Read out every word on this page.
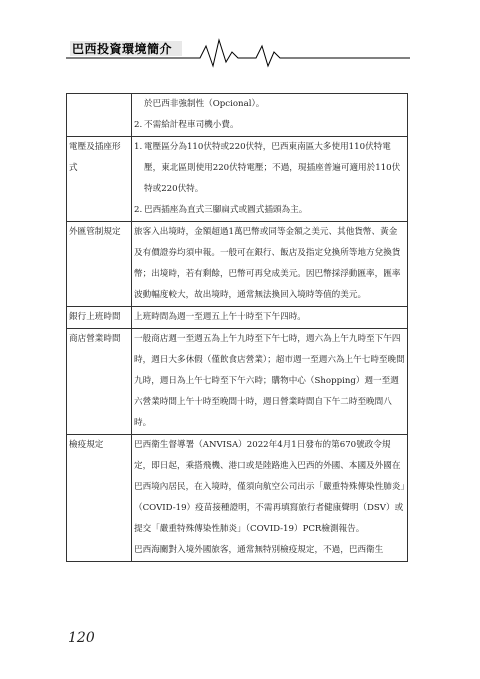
巴西投資環境簡介

	於巴西非強制性（Opcional）。
2. 不需給計程車司機小費。

電壓及插座形式	1. 電壓區分為110伏特或220伏特，巴西東南區大多使用110伏特電壓，東北區則使用220伏特電壓；不過，現插座普遍可適用於110伏特或220伏特。
2. 巴西插座為直式三腳扁式或圓式插頭為主。

外匯管制規定	旅客入出境時，金額超過1萬巴幣或同等金額之美元、其他貨幣、黃金及有價證券均須申報。一般可在銀行、飯店及指定兌換所等地方兌換貨幣；出境時，若有剩餘，巴幣可再兌成美元。因巴幣採浮動匯率，匯率波動幅度較大，故出境時，通常無法換回入境時等值的美元。

銀行上班時間	上班時間為週一至週五上午十時至下午四時。

商店營業時間	一般商店週一至週五為上午九時至下午七時，週六為上午九時至下午四時，週日大多休假（僅飲食店營業）；超市週一至週六為上午七時至晚間九時，週日為上午七時至下午六時；購物中心（Shopping）週一至週六營業時間上午十時至晚間十時，週日營業時間自下午二時至晚間八時。

檢疫規定	巴西衛生督導署（ANVISA）2022年4月1日發布的第670號政令規定，即日起，乘搭飛機、港口或是陸路進入巴西的外國、本國及外國在巴西境內居民，在入境時，僅須向航空公司出示「嚴重特殊傳染性肺炎」（COVID-19）疫苗接種證明，不需再填寫旅行者健康聲明（DSV）或提交「嚴重特殊傳染性肺炎」（COVID-19）PCR檢測報告。
巴西海關對入境外國旅客，通常無特別檢疫規定，不過，巴西衛生
120
